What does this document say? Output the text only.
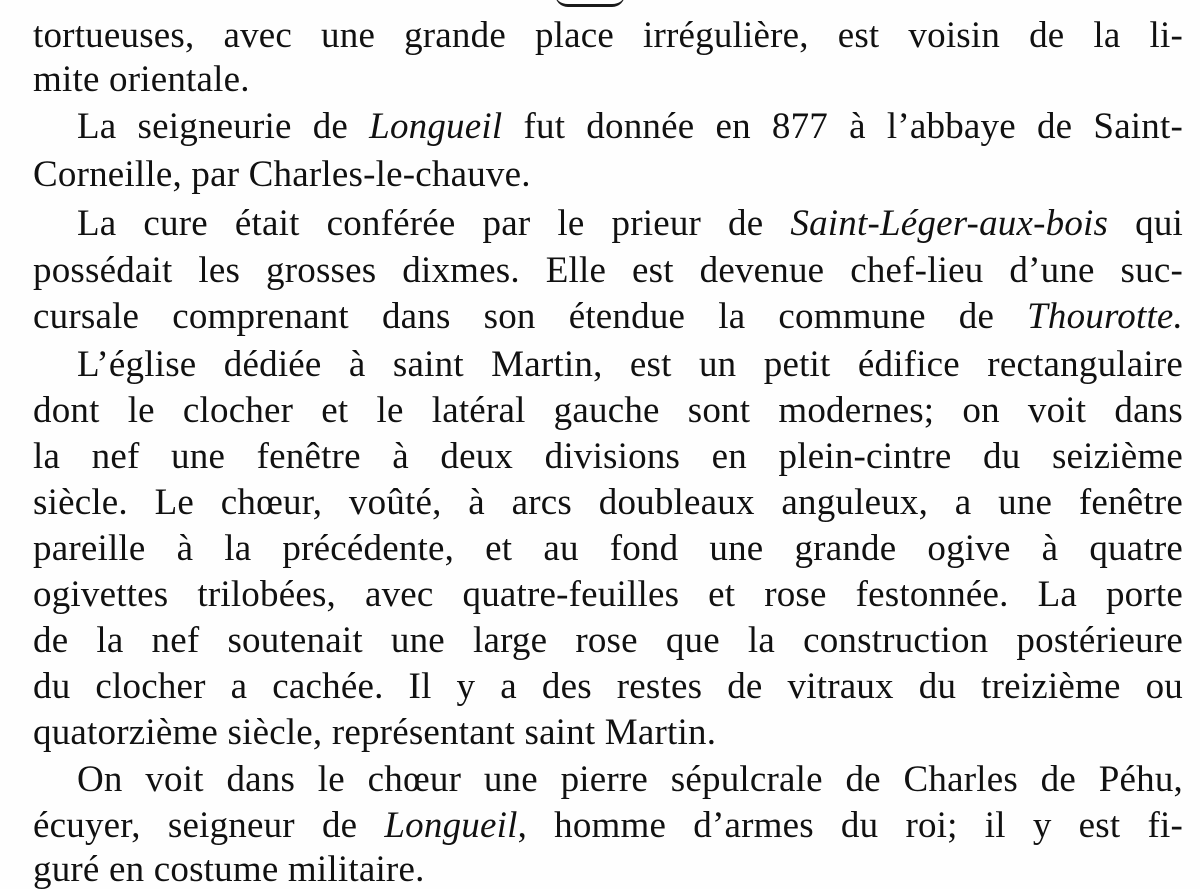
tortueuses, avec une grande place irrégulière, est voisin de la li-
mite orientale.
La seigneurie de Longueil fut donnée en 877 à l’abbaye de Saint-
Corneille, par Charles-le-chauve.
La cure était conférée par le prieur de Saint-Léger-aux-bois qui
possédait les grosses dixmes. Elle est devenue chef-lieu d’une suc-
cursale comprenant dans son étendue la commune de Thourotte.
L’église dédiée à saint Martin, est un petit édifice rectangulaire
dont le clocher et le latéral gauche sont modernes; on voit dans
la nef une fenêtre à deux divisions en plein-cintre du seizième
siècle. Le chœur, voûté, à arcs doubleaux anguleux, a une fenêtre
pareille à la précédente, et au fond une grande ogive à quatre
ogivettes trilobées, avec quatre-feuilles et rose festonnée. La porte
de la nef soutenait une large rose que la construction postérieure
du clocher a cachée. Il y a des restes de vitraux du treizième ou
quatorzième siècle, représentant saint Martin.
On voit dans le chœur une pierre sépulcrale de Charles de Péhu,
écuyer, seigneur de Longueil, homme d’armes du roi; il y est fi-
guré en costume militaire.
